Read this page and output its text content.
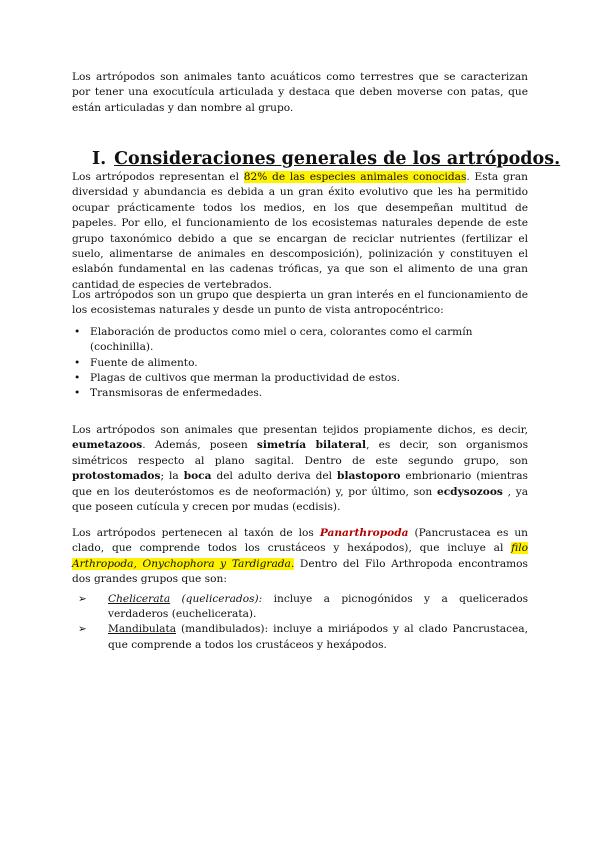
Los artrópodos son animales tanto acuáticos como terrestres que se caracterizan por tener una exocutícula articulada y destaca que deben moverse con patas, que están articuladas y dan nombre al grupo.

I. Consideraciones generales de los artrópodos.

Los artrópodos representan el 82% de las especies animales conocidas. Esta gran diversidad y abundancia es debida a un gran éxito evolutivo que les ha permitido ocupar prácticamente todos los medios, en los que desempeñan multitud de papeles. Por ello, el funcionamiento de los ecosistemas naturales depende de este grupo taxonómico debido a que se encargan de reciclar nutrientes (fertilizar el suelo, alimentarse de animales en descomposición), polinización y constituyen el eslabón fundamental en las cadenas tróficas, ya que son el alimento de una gran cantidad de especies de vertebrados.

Los artrópodos son un grupo que despierta un gran interés en el funcionamiento de los ecosistemas naturales y desde un punto de vista antropocéntrico:

• Elaboración de productos como miel o cera, colorantes como el carmín (cochinilla).
• Fuente de alimento.
• Plagas de cultivos que merman la productividad de estos.
• Transmisoras de enfermedades.

Los artrópodos son animales que presentan tejidos propiamente dichos, es decir, eumetazoos. Además, poseen simetría bilateral, es decir, son organismos simétricos respecto al plano sagital. Dentro de este segundo grupo, son protostomados; la boca del adulto deriva del blastoporo embrionario (mientras que en los deuteróstomos es de neoformación) y, por último, son ecdysozoos , ya que poseen cutícula y crecen por mudas (ecdisis).

Los artrópodos pertenecen al taxón de los Panarthropoda (Pancrustacea es un clado, que comprende todos los crustáceos y hexápodos), que incluye al filo Arthropoda, Onychophora y Tardigrada. Dentro del Filo Arthropoda encontramos dos grandes grupos que son:

➢ Chelicerata (quelicerados): incluye a picnogónidos y a quelicerados verdaderos (euchelicerata).
➢ Mandibulata (mandibulados): incluye a miriápodos y al clado Pancrustacea, que comprende a todos los crustáceos y hexápodos.
